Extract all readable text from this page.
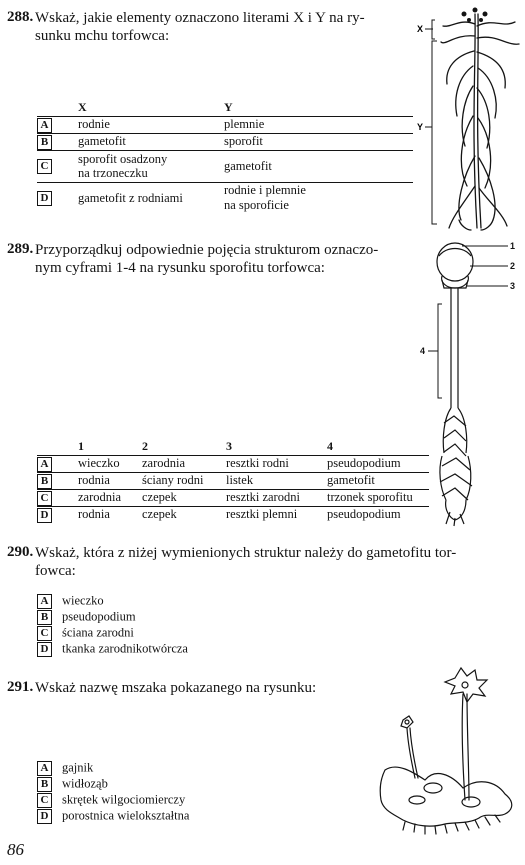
288. Wskaż, jakie elementy oznaczono literami X i Y na ry-
sunku mchu torfowca:
	X	Y
A	rodnie	plemnie
B	gametofit	sporofit
C	sporofit osadzony
na trzoneczku	gametofit
D	gametofit z rodniami	rodnie i plemnie
na sporoficie
X
Y
289. Przyporządkuj odpowiednie pojęcia strukturom oznaczo-
nym cyframi 1-4 na rysunku sporofitu torfowca:
	1	2	3	4
A	wieczko	zarodnia	resztki rodni	pseudopodium
B	rodnia	ściany rodni	listek	gametofit
C	zarodnia	czepek	resztki zarodni	trzonek sporofitu
D	rodnia	czepek	resztki plemni	pseudopodium
1
2
3
4
290. Wskaż, która z niżej wymienionych struktur należy do gametofitu tor-
fowca:
A wieczko
B pseudopodium
C ściana zarodni
D tkanka zarodnikotwórcza
291. Wskaż nazwę mszaka pokazanego na rysunku:
A gajnik
B widłoząb
C skrętek wilgociomierczy
D porostnica wielokształtna
86
